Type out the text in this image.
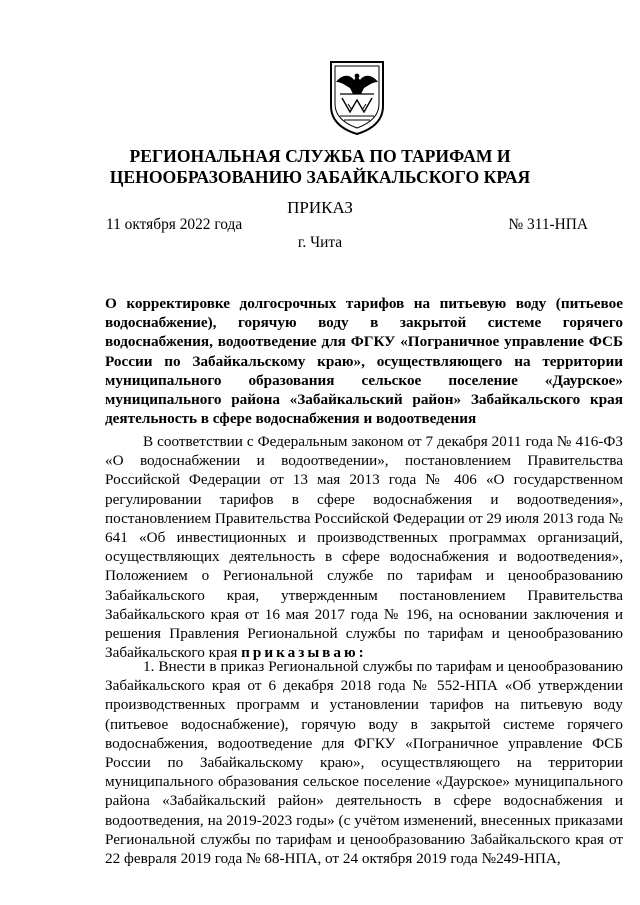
РЕГИОНАЛЬНАЯ СЛУЖБА ПО ТАРИФАМ И
ЦЕНООБРАЗОВАНИЮ ЗАБАЙКАЛЬСКОГО КРАЯ
ПРИКАЗ
11 октября 2022 года	№ 311-НПА
г. Чита
О корректировке долгосрочных тарифов на питьевую воду (питьевое водоснабжение), горячую воду в закрытой системе горячего водоснабжения, водоотведение для ФГКУ «Пограничное управление ФСБ России по Забайкальскому краю», осуществляющего на территории муниципального образования сельское поселение «Даурское» муниципального района «Забайкальский район» Забайкальского края деятельность в сфере водоснабжения и водоотведения
В соответствии с Федеральным законом от 7 декабря 2011 года № 416-ФЗ «О водоснабжении и водоотведении», постановлением Правительства Российской Федерации от 13 мая 2013 года № 406 «О государственном регулировании тарифов в сфере водоснабжения и водоотведения», постановлением Правительства Российской Федерации от 29 июля 2013 года № 641 «Об инвестиционных и производственных программах организаций, осуществляющих деятельность в сфере водоснабжения и водоотведения», Положением о Региональной службе по тарифам и ценообразованию Забайкальского края, утвержденным постановлением Правительства Забайкальского края от 16 мая 2017 года № 196, на основании заключения и решения Правления Региональной службы по тарифам и ценообразованию Забайкальского края приказываю:
1. Внести в приказ Региональной службы по тарифам и ценообразованию Забайкальского края от 6 декабря 2018 года № 552-НПА «Об утверждении производственных программ и установлении тарифов на питьевую воду (питьевое водоснабжение), горячую воду в закрытой системе горячего водоснабжения, водоотведение для ФГКУ «Пограничное управление ФСБ России по Забайкальскому краю», осуществляющего на территории муниципального образования сельское поселение «Даурское» муниципального района «Забайкальский район» деятельность в сфере водоснабжения и водоотведения, на 2019-2023 годы» (с учётом изменений, внесенных приказами Региональной службы по тарифам и ценообразованию Забайкальского края от 22 февраля 2019 года № 68-НПА, от 24 октября 2019 года №249-НПА,
